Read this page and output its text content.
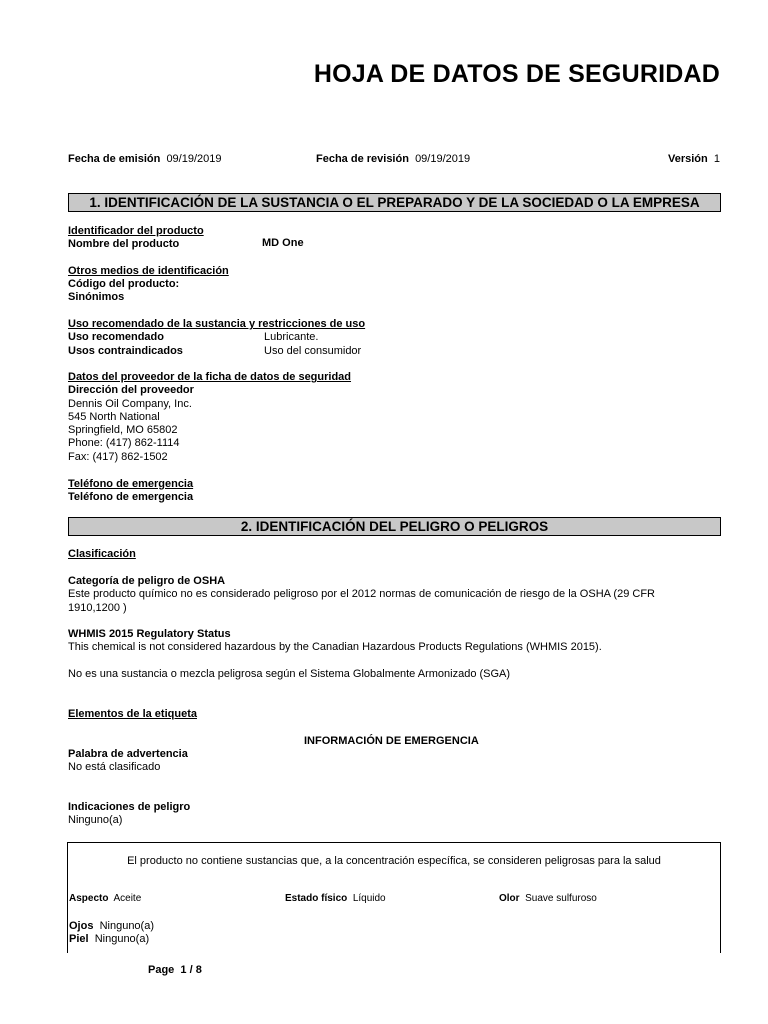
HOJA DE DATOS DE SEGURIDAD
Fecha de emisión 09/19/2019	Fecha de revisión 09/19/2019	Versión 1
1. IDENTIFICACIÓN DE LA SUSTANCIA O EL PREPARADO Y DE LA SOCIEDAD O LA EMPRESA
Identificador del producto
Nombre del producto	MD One
Otros medios de identificación
Código del producto:
Sinónimos
Uso recomendado de la sustancia y restricciones de uso
Uso recomendado	Lubricante.
Usos contraindicados	Uso del consumidor
Datos del proveedor de la ficha de datos de seguridad
Dirección del proveedor
Dennis Oil Company, Inc.
545 North National
Springfield, MO 65802
Phone: (417) 862-1114
Fax: (417) 862-1502
Teléfono de emergencia
Teléfono de emergencia
2. IDENTIFICACIÓN DEL PELIGRO O PELIGROS
Clasificación
Categoría de peligro de OSHA
Este producto químico no es considerado peligroso por el 2012 normas de comunicación de riesgo de la OSHA (29 CFR 1910,1200 )
WHMIS 2015 Regulatory Status
This chemical is not considered hazardous by the Canadian Hazardous Products Regulations (WHMIS 2015).
No es una sustancia o mezcla peligrosa según el Sistema Globalmente Armonizado (SGA)
Elementos de la etiqueta
INFORMACIÓN DE EMERGENCIA
Palabra de advertencia
No está clasificado
Indicaciones de peligro
Ninguno(a)
El producto no contiene sustancias que, a la concentración específica, se consideren peligrosas para la salud
Aspecto Aceite	Estado físico Líquido	Olor Suave sulfuroso
Ojos Ninguno(a)
Piel Ninguno(a)
Page 1 / 8
